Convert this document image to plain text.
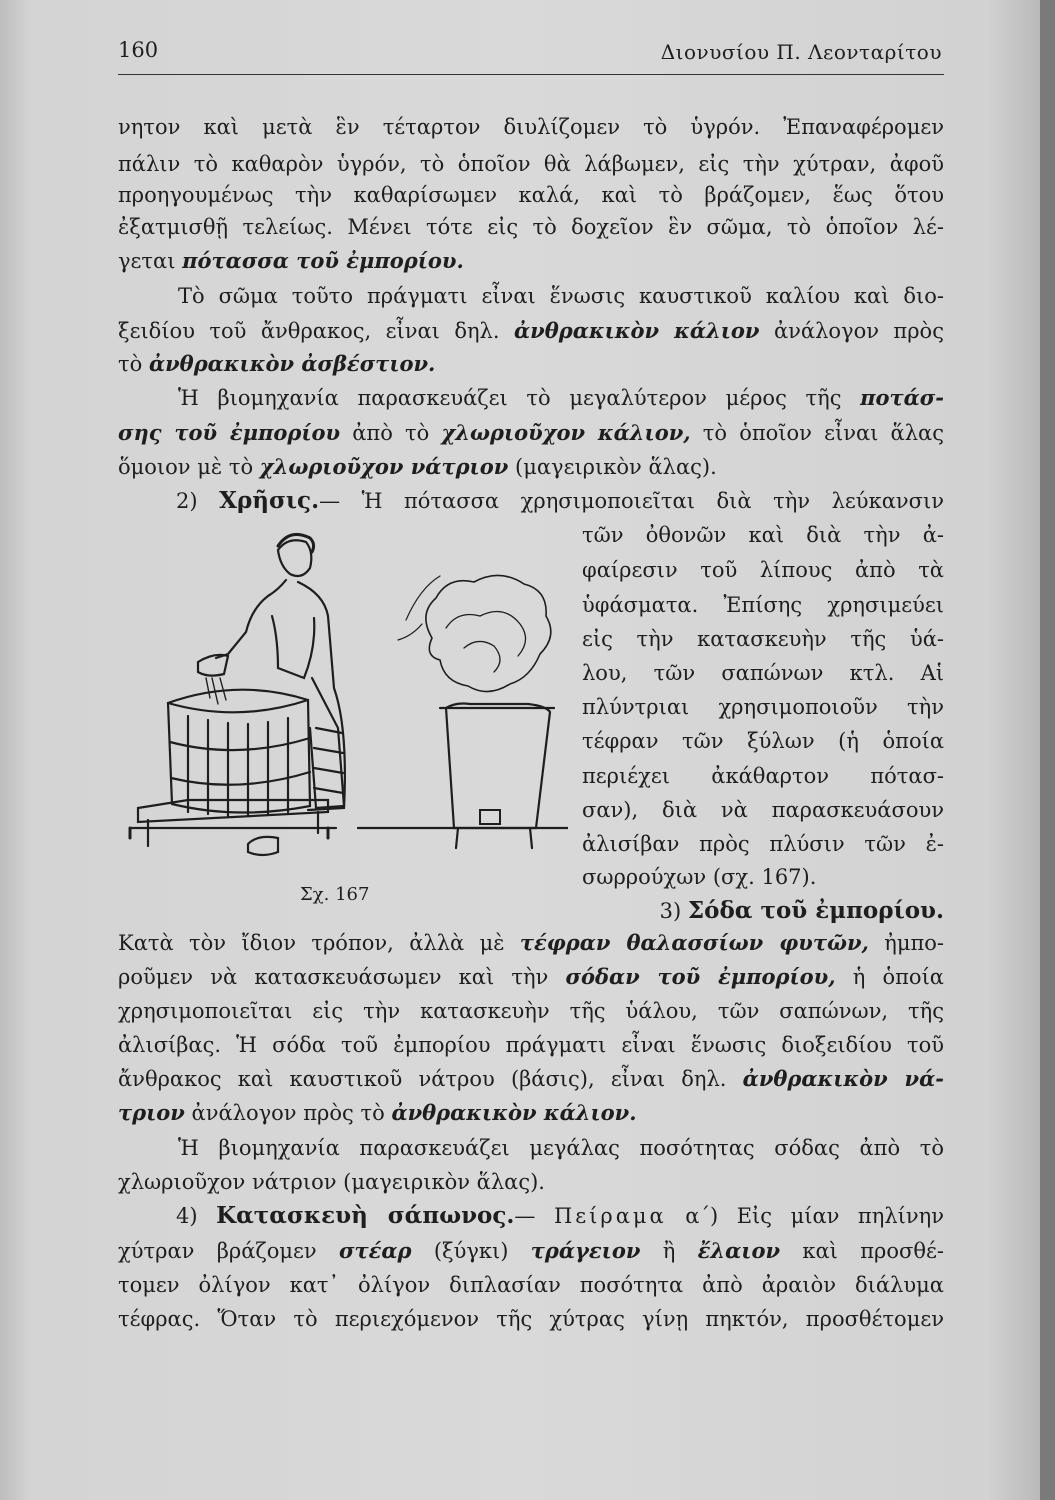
160	Διονυσίου Π. Λεονταρίτου
νητον καὶ μετὰ ἓν τέταρτον διυλίζομεν τὸ ὑγρόν. Ἐπαναφέρομεν
πάλιν τὸ καθαρὸν ὑγρόν, τὸ ὁποῖον θὰ λάβωμεν, εἰς τὴν χύτραν, ἀφοῦ
προηγουμένως τὴν καθαρίσωμεν καλά, καὶ τὸ βράζομεν, ἕως ὅτου
ἐξατμισθῇ τελείως. Μένει τότε εἰς τὸ δοχεῖον ἓν σῶμα, τὸ ὁποῖον λέ-
γεται πότασσα τοῦ ἐμπορίου.
Τὸ σῶμα τοῦτο πράγματι εἶναι ἕνωσις καυστικοῦ καλίου καὶ διο-
ξειδίου τοῦ ἄνθρακος, εἶναι δηλ. ἀνθρακικὸν κάλιον ἀνάλογον πρὸς
τὸ ἀνθρακικὸν ἀσβέστιον.
Ἡ βιομηχανία παρασκευάζει τὸ μεγαλύτερον μέρος τῆς ποτάσ-
σης τοῦ ἐμπορίου ἀπὸ τὸ χλωριοῦχον κάλιον, τὸ ὁποῖον εἶναι ἅλας
ὅμοιον μὲ τὸ χλωριοῦχον νάτριον (μαγειρικὸν ἅλας).
2) Χρῆσις.— Ἡ πότασσα χρησιμοποιεῖται διὰ τὴν λεύκανσιν
τῶν ὀθονῶν καὶ διὰ τὴν ἀ-
φαίρεσιν τοῦ λίπους ἀπὸ τὰ
ὑφάσματα. Ἐπίσης χρησιμεύει
εἰς τὴν κατασκευὴν τῆς ὑά-
λου, τῶν σαπώνων κτλ. Αἱ
πλύντριαι χρησιμοποιοῦν τὴν
τέφραν τῶν ξύλων (ἡ ὁποία
περιέχει ἀκάθαρτον πότασ-
σαν), διὰ νὰ παρασκευάσουν
ἀλισίβαν πρὸς πλύσιν τῶν ἐ-
σωρρούχων (σχ. 167).
Σχ. 167
3) Σόδα τοῦ ἐμπορίου.
Κατὰ τὸν ἴδιον τρόπον, ἀλλὰ μὲ τέφραν θαλασσίων φυτῶν, ἠμπο-
ροῦμεν νὰ κατασκευάσωμεν καὶ τὴν σόδαν τοῦ ἐμπορίου, ἡ ὁποία
χρησιμοποιεῖται εἰς τὴν κατασκευὴν τῆς ὑάλου, τῶν σαπώνων, τῆς
ἀλισίβας. Ἡ σόδα τοῦ ἐμπορίου πράγματι εἶναι ἕνωσις διοξειδίου τοῦ
ἄνθρακος καὶ καυστικοῦ νάτρου (βάσις), εἶναι δηλ. ἀνθρακικὸν νά-
τριον ἀνάλογον πρὸς τὸ ἀνθρακικὸν κάλιον.
Ἡ βιομηχανία παρασκευάζει μεγάλας ποσότητας σόδας ἀπὸ τὸ
χλωριοῦχον νάτριον (μαγειρικὸν ἅλας).
4) Κατασκευὴ σάπωνος.— Πείραμα α΄) Εἰς μίαν πηλίνην
χύτραν βράζομεν στέαρ (ξύγκι) τράγειον ἢ ἔλαιον καὶ προσθέ-
τομεν ὀλίγον κατ᾽ ὀλίγον διπλασίαν ποσότητα ἀπὸ ἀραιὸν διάλυμα
τέφρας. Ὅταν τὸ περιεχόμενον τῆς χύτρας γίνῃ πηκτόν, προσθέτομεν
